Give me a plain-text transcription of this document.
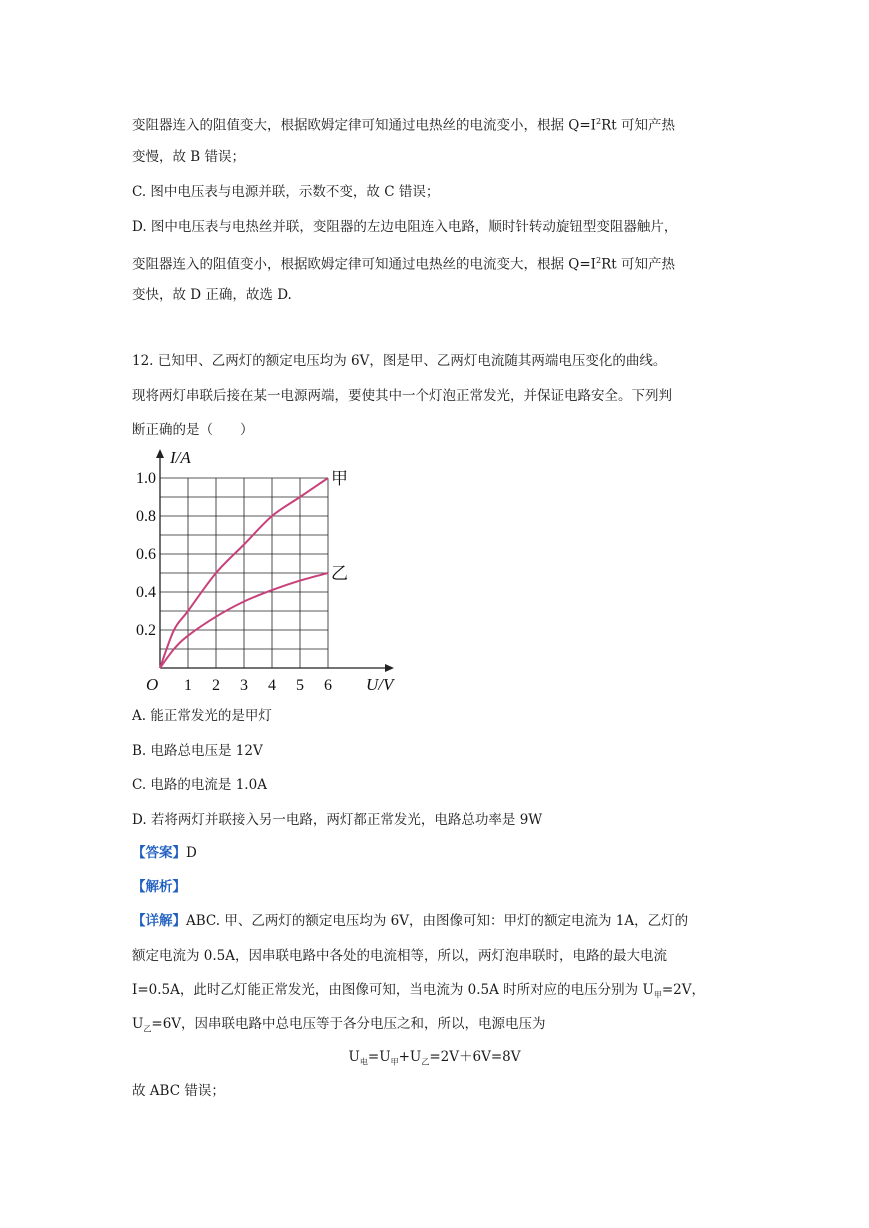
变阻器连入的阻值变大，根据欧姆定律可知通过电热丝的电流变小，根据 $Q=I^2Rt$ 可知产热
变慢，故 B 错误；
C. 图中电压表与电源并联，示数不变，故 C 错误；
D. 图中电压表与电热丝并联，变阻器的左边电阻连入电路，顺时针转动旋钮型变阻器触片，
变阻器连入的阻值变小，根据欧姆定律可知通过电热丝的电流变大，根据 $Q=I^2Rt$ 可知产热
变快，故 D 正确，故选 D.
12. 已知甲、乙两灯的额定电压均为 6V，图是甲、乙两灯电流随其两端电压变化的曲线。
现将两灯串联后接在某一电源两端，要使其中一个灯泡正常发光，并保证电路安全。下列判
断正确的是（　　）
1 2 3 4 5 6
0.2
0.4
0.6
0.8
1.0	甲
乙
I/A
U/V
O
A. 能正常发光的是甲灯
B. 电路总电压是 12V
C. 电路的电流是 1.0A
D. 若将两灯并联接入另一电路，两灯都正常发光，电路总功率是 9W
【答案】D
【解析】
【详解】ABC. 甲、乙两灯的额定电压均为 6V，由图像可知：甲灯的额定电流为 1A，乙灯的
额定电流为 0.5A，因串联电路中各处的电流相等，所以，两灯泡串联时，电路的最大电流
I=0.5A，此时乙灯能正常发光，由图像可知，当电流为 0.5A 时所对应的电压分别为 $U_甲=2V$，
$U_乙=6V$，因串联电路中总电压等于各分电压之和，所以，电源电压为
$U_电=U_甲+U_乙=2V+6V=8V$
故 ABC 错误；
